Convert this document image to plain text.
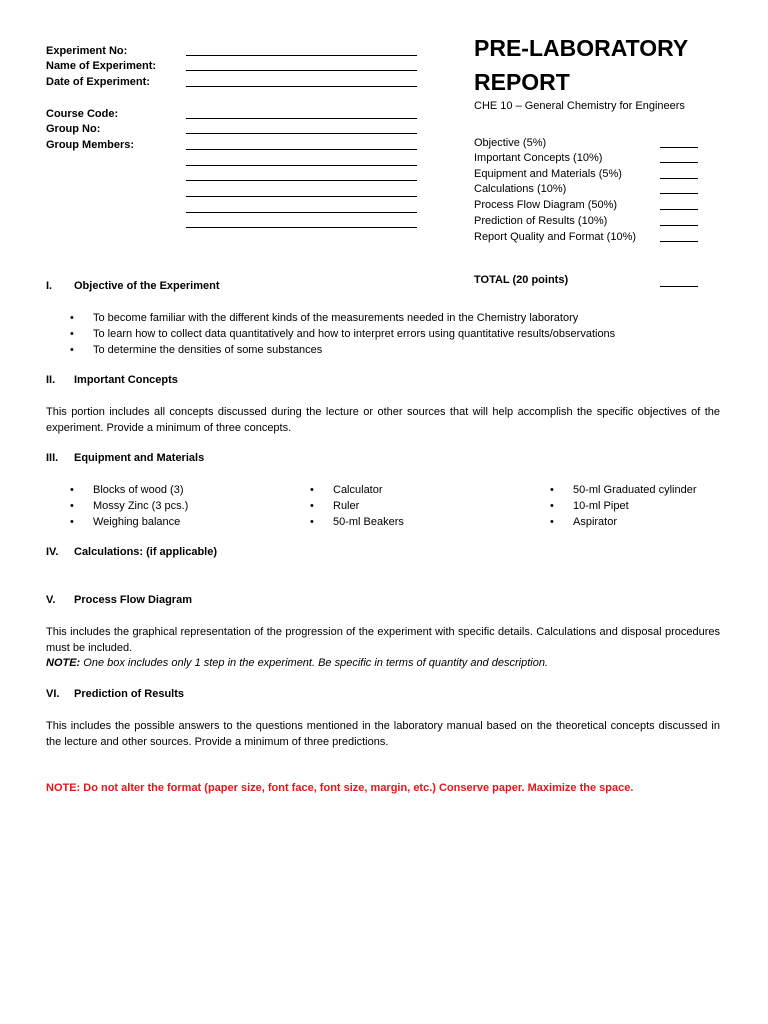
Experiment No:
Name of Experiment:
Date of Experiment:
Course Code:
Group No:
Group Members:
PRE-LABORATORY
REPORT
CHE 10 – General Chemistry for Engineers
Objective (5%)
Important Concepts (10%)
Equipment and Materials (5%)
Calculations (10%)
Process Flow Diagram (50%)
Prediction of Results (10%)
Report Quality and Format (10%)
TOTAL (20 points)
I. Objective of the Experiment
• To become familiar with the different kinds of the measurements needed in the Chemistry laboratory
• To learn how to collect data quantitatively and how to interpret errors using quantitative results/observations
• To determine the densities of some substances
II. Important Concepts
This portion includes all concepts discussed during the lecture or other sources that will help accomplish the specific objectives of the experiment. Provide a minimum of three concepts.
III. Equipment and Materials
• Blocks of wood (3)
• Mossy Zinc (3 pcs.)
• Weighing balance
• Calculator
• Ruler
• 50-ml Beakers
• 50-ml Graduated cylinder
• 10-ml Pipet
• Aspirator
IV. Calculations: (if applicable)
V. Process Flow Diagram
This includes the graphical representation of the progression of the experiment with specific details. Calculations and disposal procedures must be included.
NOTE: One box includes only 1 step in the experiment. Be specific in terms of quantity and description.
VI. Prediction of Results
This includes the possible answers to the questions mentioned in the laboratory manual based on the theoretical concepts discussed in the lecture and other sources. Provide a minimum of three predictions.
NOTE: Do not alter the format (paper size, font face, font size, margin, etc.) Conserve paper. Maximize the space.
